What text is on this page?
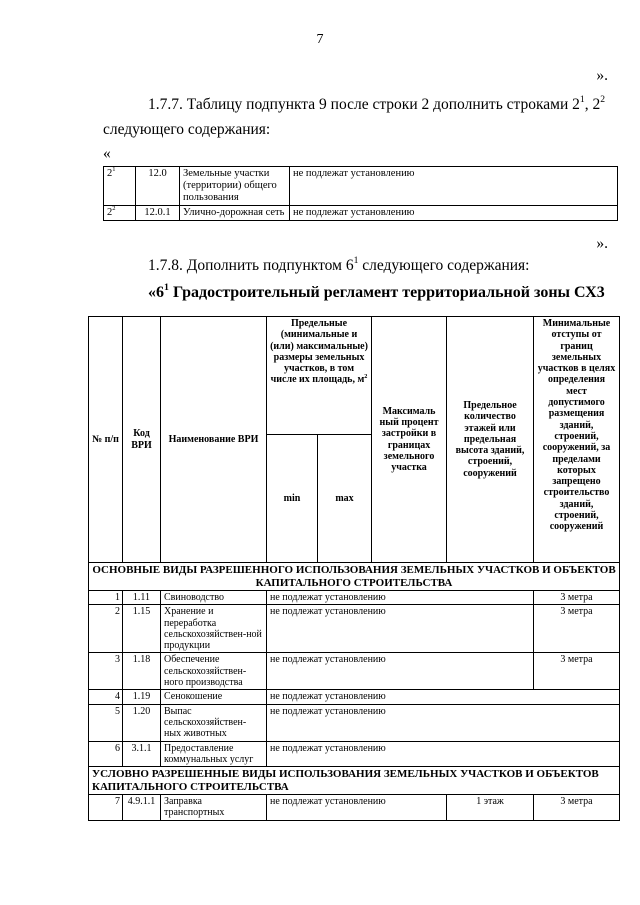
7
».
1.7.7. Таблицу подпункта 9 после строки 2 дополнить строками $2^1$, $2^2$
следующего содержания:
«
$2^1$	12.0	Земельные участки (территории) общего пользования	не подлежат установлению
$2^2$	12.0.1	Улично-дорожная сеть	не подлежат установлению
».
1.7.8. Дополнить подпунктом $6^1$ следующего содержания:
«$6^1$ Градостроительный регламент территориальной зоны СХ3
№ п/п	Код ВРИ	Наименование ВРИ	Предельные (минимальные и (или) максимальные) размеры земельных участков, в том числе их площадь, $м^2$		Максималь ный процент застройки в границах земельного участка	Предельное количество этажей или предельная высота зданий, строений, сооружений	Минимальные отступы от границ земельных участков в целях определения мест допустимого размещения зданий, строений, сооружений, за пределами которых запрещено строительство зданий, строений, сооружений
			min	max			
ОСНОВНЫЕ ВИДЫ РАЗРЕШЕННОГО ИСПОЛЬЗОВАНИЯ ЗЕМЕЛЬНЫХ УЧАСТКОВ И ОБЪЕКТОВ КАПИТАЛЬНОГО СТРОИТЕЛЬСТВА							
1	1.11	Свиноводство	не подлежат установлению				3 метра
2	1.15	Хранение и переработка сельскохозяйствен-ной продукции	не подлежат установлению				3 метра
3	1.18	Обеспечение сельскохозяйствен-ного производства	не подлежат установлению				3 метра
4	1.19	Сенокошение	не подлежат установлению				
5	1.20	Выпас сельскохозяйствен-ных животных	не подлежат установлению				
6	3.1.1	Предоставление коммунальных услуг	не подлежат установлению				
УСЛОВНО РАЗРЕШЕННЫЕ ВИДЫ ИСПОЛЬЗОВАНИЯ ЗЕМЕЛЬНЫХ УЧАСТКОВ И ОБЪЕКТОВ КАПИТАЛЬНОГО СТРОИТЕЛЬСТВА							
7	4.9.1.1	Заправка транспортных	не подлежат установлению			1 этаж	3 метра
